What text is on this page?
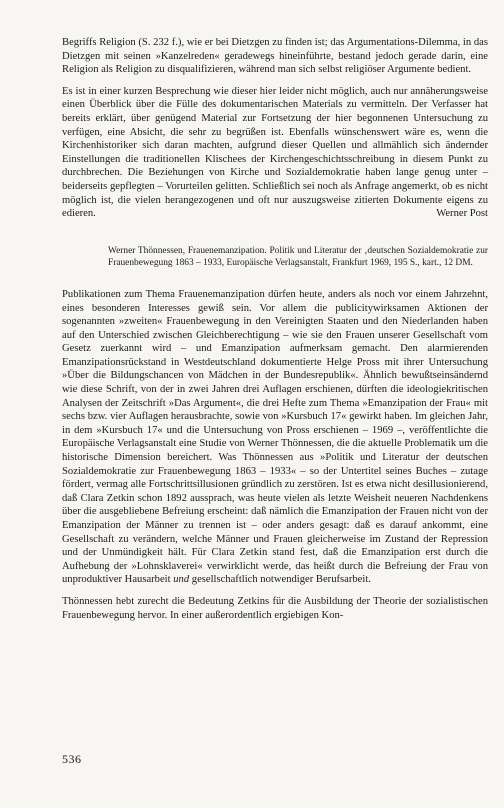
Begriffs Religion (S. 232 f.), wie er bei Dietzgen zu finden ist; das Argumentations-Dilemma, in das Dietzgen mit seinen »Kanzelreden« geradewegs hineinführte, bestand jedoch gerade darin, eine Religion als Religion zu disqualifizieren, während man sich selbst religiöser Argumente bedient.

Es ist in einer kurzen Besprechung wie dieser hier leider nicht möglich, auch nur annäherungsweise einen Überblick über die Fülle des dokumentarischen Materials zu vermitteln. Der Verfasser hat bereits erklärt, über genügend Material zur Fortsetzung der hier begonnenen Untersuchung zu verfügen, eine Absicht, die sehr zu begrüßen ist. Ebenfalls wünschenswert wäre es, wenn die Kirchenhistoriker sich daran machten, aufgrund dieser Quellen und allmählich sich ändernder Einstellungen die traditionellen Klischees der Kirchengeschichtsschreibung in diesem Punkt zu durchbrechen. Die Beziehungen von Kirche und Sozialdemokratie haben lange genug unter – beiderseits gepflegten – Vorurteilen gelitten. Schließlich sei noch als Anfrage angemerkt, ob es nicht möglich ist, die vielen herangezogenen und oft nur auszugsweise zitierten Dokumente eigens zu edieren.	Werner Post

Werner Thönnessen, Frauenemanzipation. Politik und Literatur der ‚deutschen Sozialdemokratie zur Frauenbewegung 1863 – 1933, Europäische Verlagsanstalt, Frankfurt 1969, 195 S., kart., 12 DM.

Publikationen zum Thema Frauenemanzipation dürfen heute, anders als noch vor einem Jahrzehnt, eines besonderen Interesses gewiß sein. Vor allem die publicitywirksamen Aktionen der sogenannten »zweiten« Frauenbewegung in den Vereinigten Staaten und den Niederlanden haben auf den Unterschied zwischen Gleichberechtigung – wie sie den Frauen unserer Gesellschaft vom Gesetz zuerkannt wird – und Emanzipation aufmerksam gemacht. Den alarmierenden Emanzipationsrückstand in Westdeutschland dokumentierte Helge Pross mit ihrer Untersuchung »Über die Bildungschancen von Mädchen in der Bundesrepublik«. Ähnlich bewußtseinsändernd wie diese Schrift, von der in zwei Jahren drei Auflagen erschienen, dürften die ideologiekritischen Analysen der Zeitschrift »Das Argument«, die drei Hefte zum Thema »Emanzipation der Frau« mit sechs bzw. vier Auflagen herausbrachte, sowie von »Kursbuch 17« gewirkt haben. Im gleichen Jahr, in dem »Kursbuch 17« und die Untersuchung von Pross erschienen – 1969 –, veröffentlichte die Europäische Verlagsanstalt eine Studie von Werner Thönnessen, die die aktuelle Problematik um die historische Dimension bereichert. Was Thönnessen aus »Politik und Literatur der deutschen Sozialdemokratie zur Frauenbewegung 1863 – 1933« – so der Untertitel seines Buches – zutage fördert, vermag alle Fortschrittsillusionen gründlich zu zerstören. Ist es etwa nicht desillusionierend, daß Clara Zetkin schon 1892 aussprach, was heute vielen als letzte Weisheit neueren Nachdenkens über die ausgebliebene Befreiung erscheint: daß nämlich die Emanzipation der Frauen nicht von der Emanzipation der Männer zu trennen ist – oder anders gesagt: daß es darauf ankommt, eine Gesellschaft zu verändern, welche Männer und Frauen gleicherweise im Zustand der Repression und der Unmündigkeit hält. Für Clara Zetkin stand fest, daß die Emanzipation erst durch die Aufhebung der »Lohnsklaverei« verwirklicht werde, das heißt durch die Befreiung der Frau von unproduktiver Hausarbeit und gesellschaftlich notwendiger Berufsarbeit.

Thönnessen hebt zurecht die Bedeutung Zetkins für die Ausbildung der Theorie der sozialistischen Frauenbewegung hervor. In einer außerordentlich ergiebigen Kon-

536
